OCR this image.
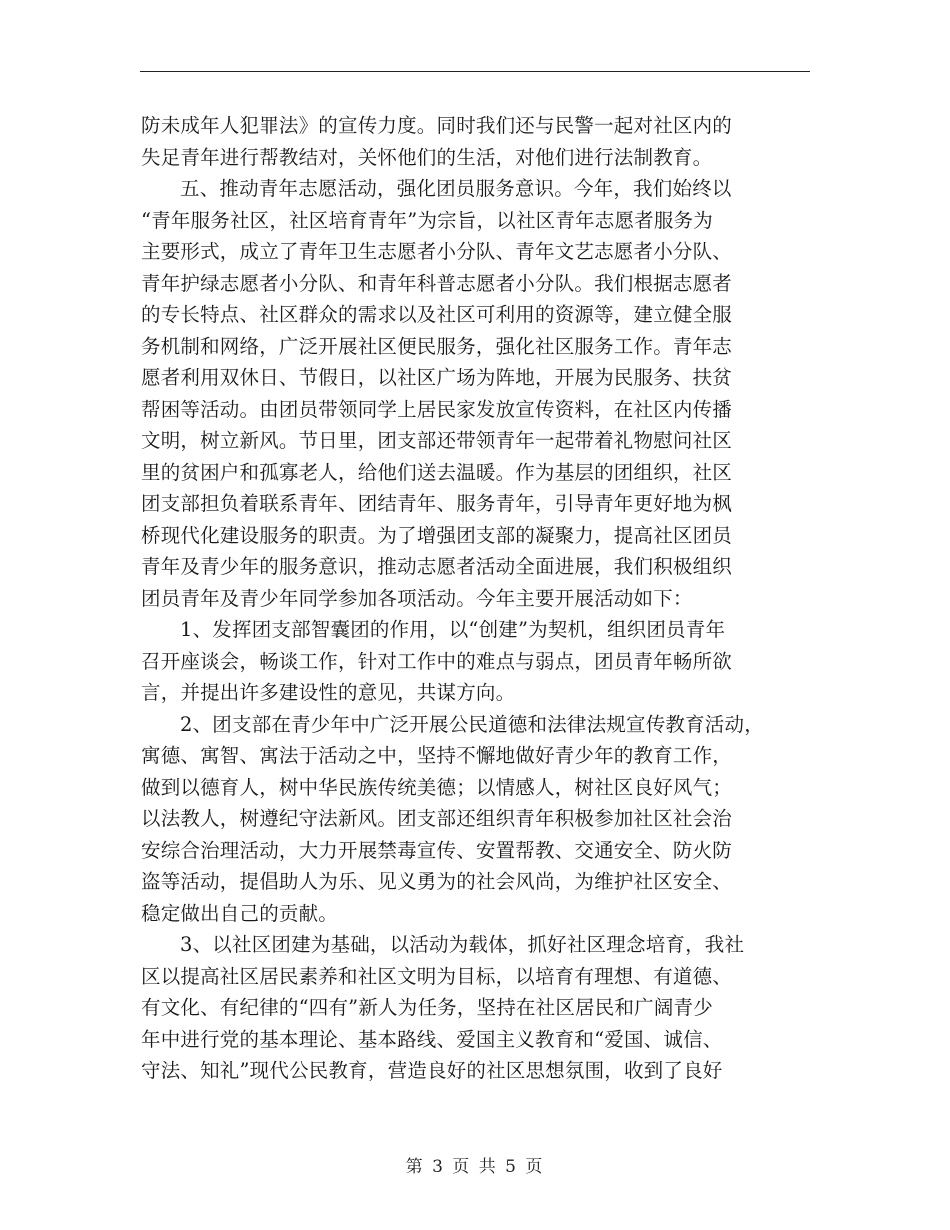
防未成年人犯罪法》的宣传力度。同时我们还与民警一起对社区内的
失足青年进行帮教结对，关怀他们的生活，对他们进行法制教育。
五、推动青年志愿活动，强化团员服务意识。今年，我们始终以
“青年服务社区，社区培育青年”为宗旨，以社区青年志愿者服务为
主要形式，成立了青年卫生志愿者小分队、青年文艺志愿者小分队、
青年护绿志愿者小分队、和青年科普志愿者小分队。我们根据志愿者
的专长特点、社区群众的需求以及社区可利用的资源等，建立健全服
务机制和网络，广泛开展社区便民服务，强化社区服务工作。青年志
愿者利用双休日、节假日，以社区广场为阵地，开展为民服务、扶贫
帮困等活动。由团员带领同学上居民家发放宣传资料，在社区内传播
文明，树立新风。节日里，团支部还带领青年一起带着礼物慰问社区
里的贫困户和孤寡老人，给他们送去温暖。作为基层的团组织，社区
团支部担负着联系青年、团结青年、服务青年，引导青年更好地为枫
桥现代化建设服务的职责。为了增强团支部的凝聚力，提高社区团员
青年及青少年的服务意识，推动志愿者活动全面进展，我们积极组织
团员青年及青少年同学参加各项活动。今年主要开展活动如下：
1、发挥团支部智囊团的作用，以“创建”为契机，组织团员青年
召开座谈会，畅谈工作，针对工作中的难点与弱点，团员青年畅所欲
言，并提出许多建设性的意见，共谋方向。
2、团支部在青少年中广泛开展公民道德和法律法规宣传教育活动，
寓德、寓智、寓法于活动之中，坚持不懈地做好青少年的教育工作，
做到以德育人，树中华民族传统美德；以情感人，树社区良好风气；
以法教人，树遵纪守法新风。团支部还组织青年积极参加社区社会治
安综合治理活动，大力开展禁毒宣传、安置帮教、交通安全、防火防
盗等活动，提倡助人为乐、见义勇为的社会风尚，为维护社区安全、
稳定做出自己的贡献。
3、以社区团建为基础，以活动为载体，抓好社区理念培育，我社
区以提高社区居民素养和社区文明为目标，以培育有理想、有道德、
有文化、有纪律的“四有”新人为任务，坚持在社区居民和广阔青少
年中进行党的基本理论、基本路线、爱国主义教育和“爱国、诚信、
守法、知礼”现代公民教育，营造良好的社区思想氛围，收到了良好
第 3 页 共 5 页
